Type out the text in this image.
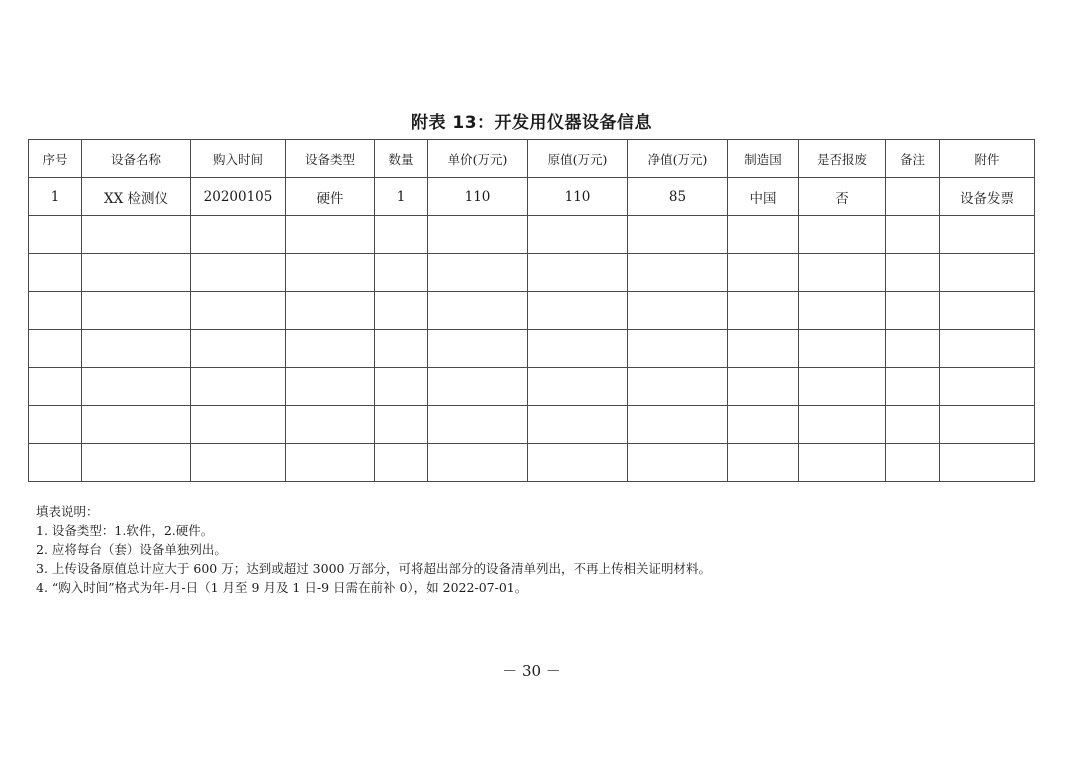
附表 13：开发用仪器设备信息
序号	设备名称	购入时间	设备类型	数量	单价(万元)	原值(万元)	净值(万元)	制造国	是否报废	备注	附件
1	XX 检测仪	20200105	硬件	1	110	110	85	中国	否		设备发票

填表说明：
1. 设备类型：1.软件，2.硬件。
2. 应将每台（套）设备单独列出。
3. 上传设备原值总计应大于 600 万；达到或超过 3000 万部分，可将超出部分的设备清单列出，不再上传相关证明材料。
4. “购入时间”格式为年-月-日（1 月至 9 月及 1 日-9 日需在前补 0），如 2022-07-01。
－ 30 －
